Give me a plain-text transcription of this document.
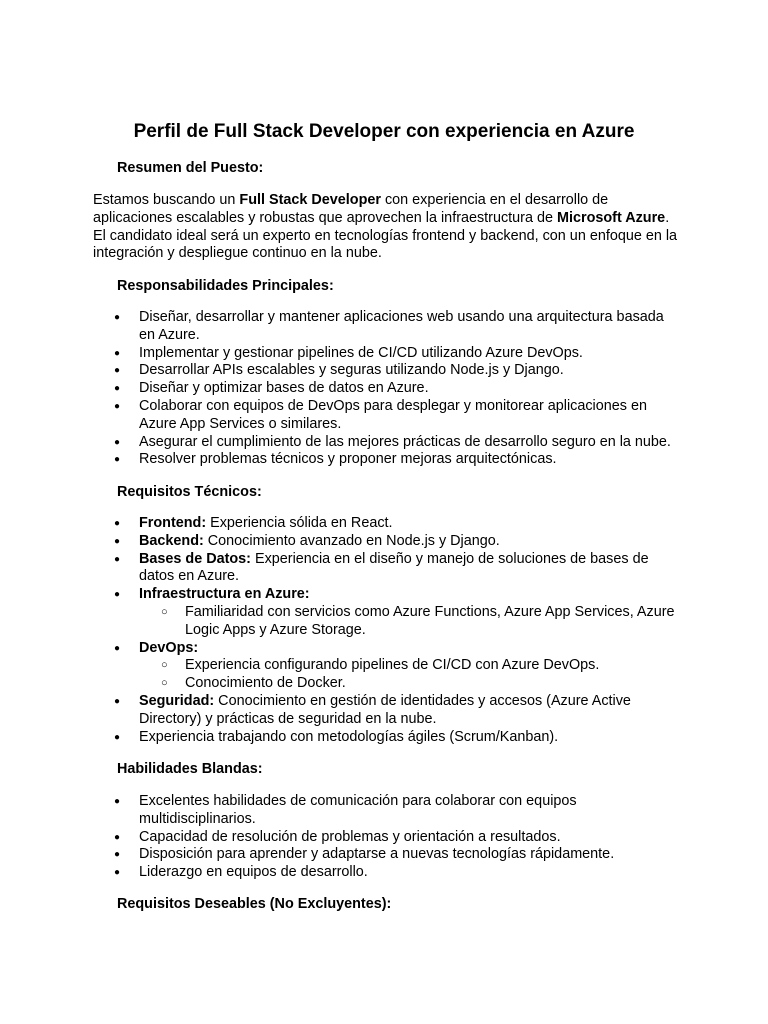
Perfil de Full Stack Developer con experiencia en Azure
Resumen del Puesto:
Estamos buscando un Full Stack Developer con experiencia en el desarrollo de aplicaciones escalables y robustas que aprovechen la infraestructura de Microsoft Azure. El candidato ideal será un experto en tecnologías frontend y backend, con un enfoque en la integración y despliegue continuo en la nube.
Responsabilidades Principales:
● Diseñar, desarrollar y mantener aplicaciones web usando una arquitectura basada en Azure.
● Implementar y gestionar pipelines de CI/CD utilizando Azure DevOps.
● Desarrollar APIs escalables y seguras utilizando Node.js y Django.
● Diseñar y optimizar bases de datos en Azure.
● Colaborar con equipos de DevOps para desplegar y monitorear aplicaciones en Azure App Services o similares.
● Asegurar el cumplimiento de las mejores prácticas de desarrollo seguro en la nube.
● Resolver problemas técnicos y proponer mejoras arquitectónicas.
Requisitos Técnicos:
● Frontend: Experiencia sólida en React.
● Backend: Conocimiento avanzado en Node.js y Django.
● Bases de Datos: Experiencia en el diseño y manejo de soluciones de bases de datos en Azure.
● Infraestructura en Azure:
○ Familiaridad con servicios como Azure Functions, Azure App Services, Azure Logic Apps y Azure Storage.
● DevOps:
○ Experiencia configurando pipelines de CI/CD con Azure DevOps.
○ Conocimiento de Docker.
● Seguridad: Conocimiento en gestión de identidades y accesos (Azure Active Directory) y prácticas de seguridad en la nube.
● Experiencia trabajando con metodologías ágiles (Scrum/Kanban).
Habilidades Blandas:
● Excelentes habilidades de comunicación para colaborar con equipos multidisciplinarios.
● Capacidad de resolución de problemas y orientación a resultados.
● Disposición para aprender y adaptarse a nuevas tecnologías rápidamente.
● Liderazgo en equipos de desarrollo.
Requisitos Deseables (No Excluyentes):
